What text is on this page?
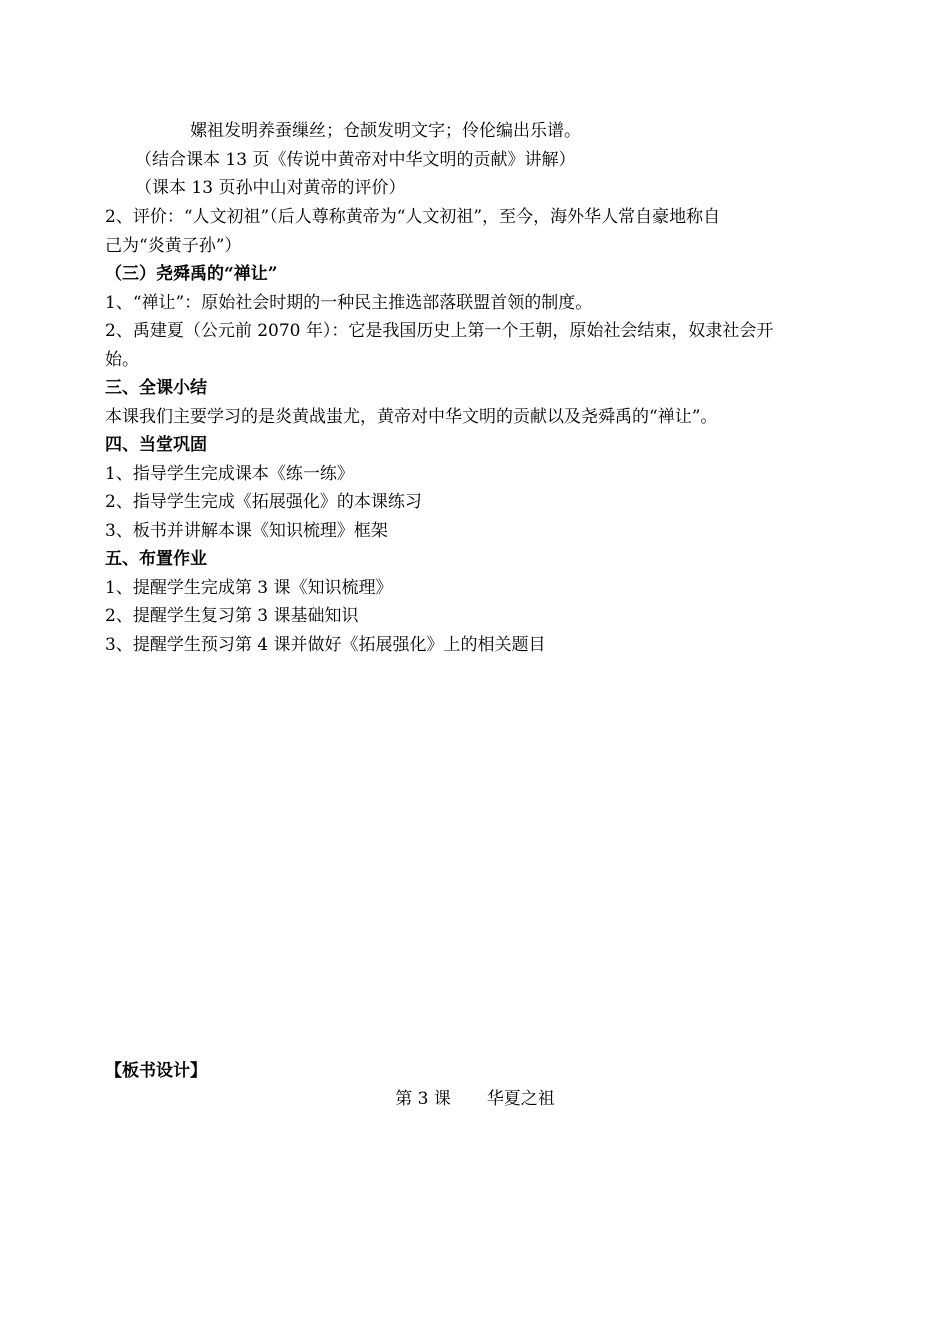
嫘祖发明养蚕缫丝；仓颉发明文字；伶伦编出乐谱。
（结合课本 13 页《传说中黄帝对中华文明的贡献》讲解）
（课本 13 页孙中山对黄帝的评价）
2、评价：“人文初祖”（后人尊称黄帝为“人文初祖”，至今，海外华人常自豪地称自
己为“炎黄子孙”）
（三）尧舜禹的“禅让”
1、“禅让”：原始社会时期的一种民主推选部落联盟首领的制度。
2、禹建夏（公元前 2070 年）：它是我国历史上第一个王朝，原始社会结束，奴隶社会开
始。
三、全课小结
本课我们主要学习的是炎黄战蚩尤，黄帝对中华文明的贡献以及尧舜禹的“禅让”。
四、当堂巩固
1、指导学生完成课本《练一练》
2、指导学生完成《拓展强化》的本课练习
3、板书并讲解本课《知识梳理》框架
五、布置作业
1、提醒学生完成第 3 课《知识梳理》
2、提醒学生复习第 3 课基础知识
3、提醒学生预习第 4 课并做好《拓展强化》上的相关题目
【板书设计】
第 3 课 华夏之祖
